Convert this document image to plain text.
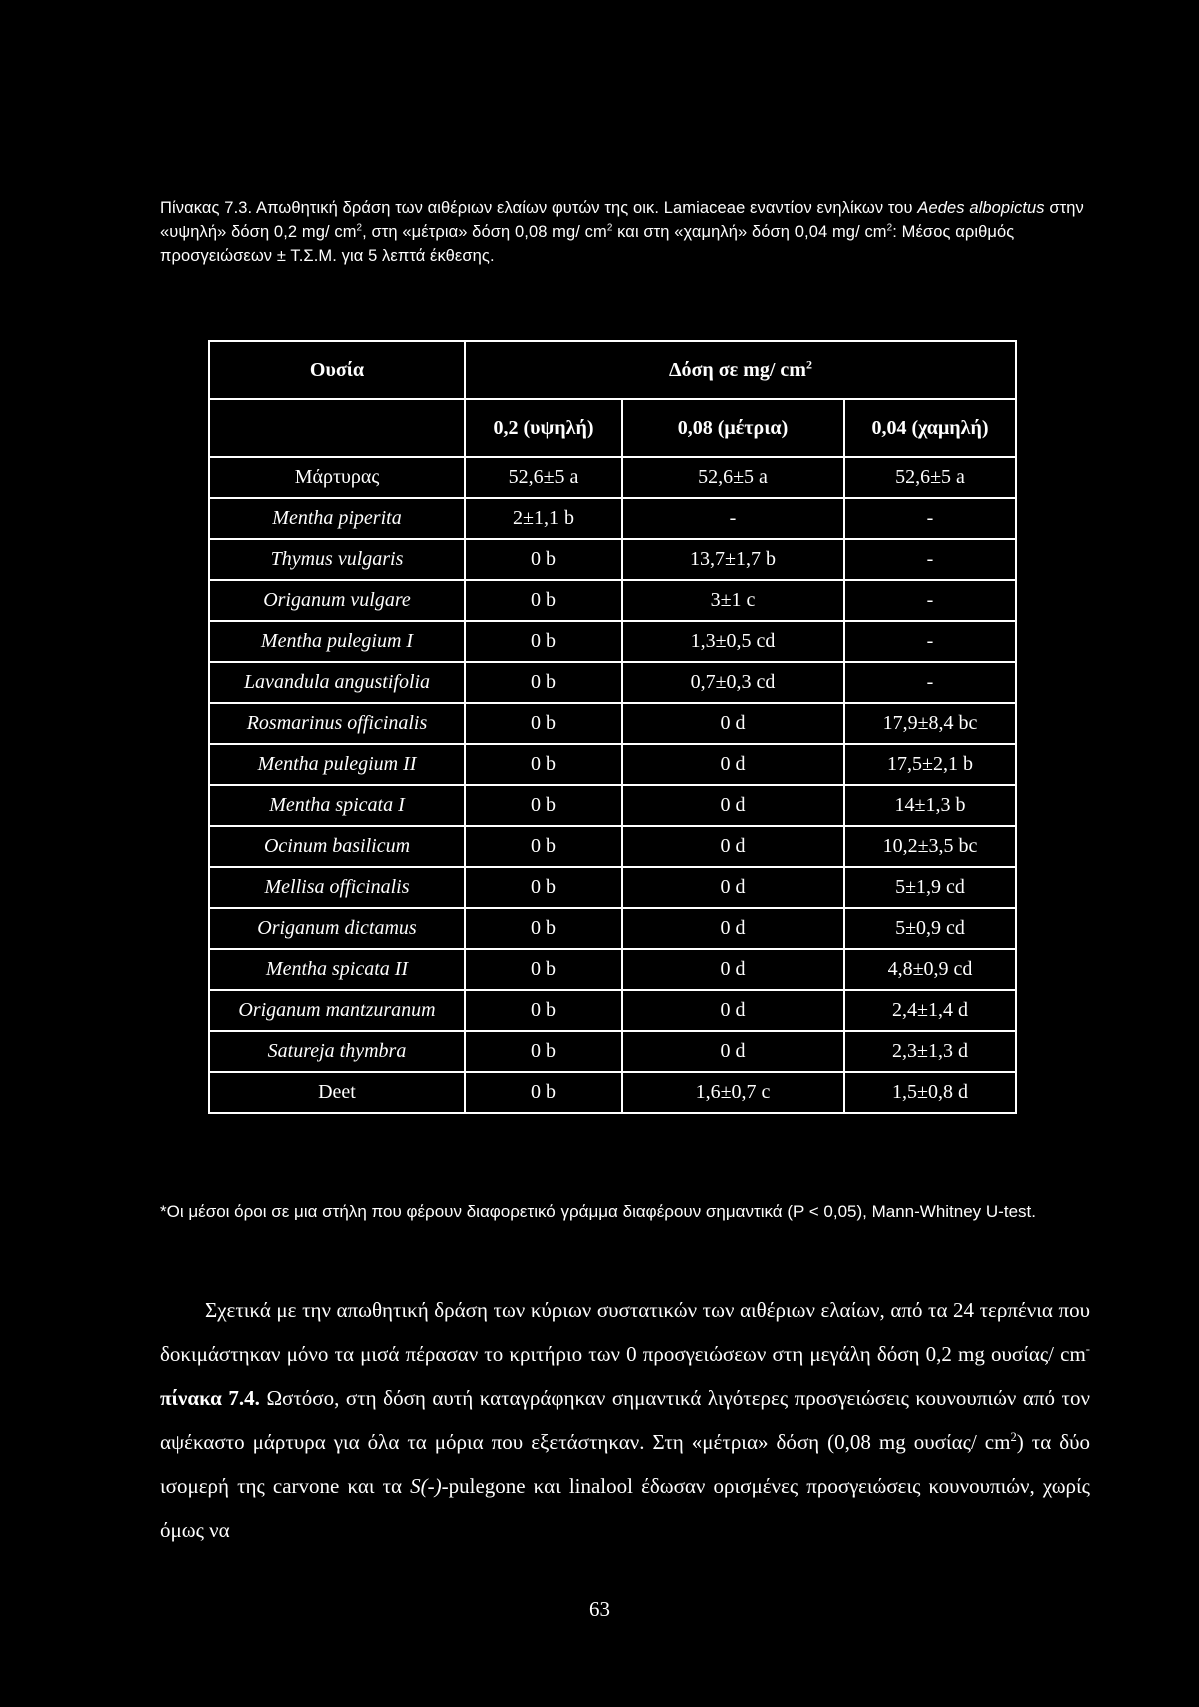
Πίνακας 7.3. Απωθητική δράση των αιθέριων ελαίων φυτών της οικ. Lamiaceae εναντίον ενηλίκων του Aedes albopictus στην «υψηλή» δόση 0,2 mg/ $cm^2$, στη «μέτρια» δόση 0,08 mg/ $cm^2$ και στη «χαμηλή» δόση 0,04 mg/ $cm^2$: Μέσος αριθμός προσγειώσεων ± Τ.Σ.Μ. για 5 λεπτά έκθεσης.
Ουσία	Δόση σε mg/ $cm^2$
	0,2 (υψηλή)	0,08 (μέτρια)	0,04 (χαμηλή)
Μάρτυρας	52,6±5 a	52,6±5 a	52,6±5 a
Mentha piperita	2±1,1 b	-	-
Thymus vulgaris	0 b	13,7±1,7 b	-
Origanum vulgare	0 b	3±1 c	-
Mentha pulegium I	0 b	1,3±0,5 cd	-
Lavandula angustifolia	0 b	0,7±0,3 cd	-
Rosmarinus officinalis	0 b	0 d	17,9±8,4 bc
Mentha pulegium II	0 b	0 d	17,5±2,1 b
Mentha spicata I	0 b	0 d	14±1,3 b
Ocinum basilicum	0 b	0 d	10,2±3,5 bc
Mellisa officinalis	0 b	0 d	5±1,9 cd
Origanum dictamus	0 b	0 d	5±0,9 cd
Mentha spicata II	0 b	0 d	4,8±0,9 cd
Origanum mantzuranum	0 b	0 d	2,4±1,4 d
Satureja thymbra	0 b	0 d	2,3±1,3 d
Deet	0 b	1,6±0,7 c	1,5±0,8 d
*Οι μέσοι όροι σε μια στήλη που φέρουν διαφορετικό γράμμα διαφέρουν σημαντικά (P < 0,05), Mann-Whitney U-test.

Σχετικά με την απωθητική δράση των κύριων συστατικών των αιθέριων ελαίων, από τα 24 τερπένια που δοκιμάστηκαν μόνο τα μισά πέρασαν το κριτήριο των 0 προσγειώσεων στη μεγάλη δόση 0,2 mg ουσίας/ cm- πίνακα 7.4. Ωστόσο, στη δόση αυτή καταγράφηκαν σημαντικά λιγότερες προσγειώσεις κουνουπιών από τον αψέκαστο μάρτυρα για όλα τα μόρια που εξετάστηκαν. Στη «μέτρια» δόση (0,08 mg ουσίας/ $cm^2$) τα δύο ισομερή της carvone και τα S(-)-pulegone και linalool έδωσαν ορισμένες προσγειώσεις κουνουπιών, χωρίς όμως να

63
